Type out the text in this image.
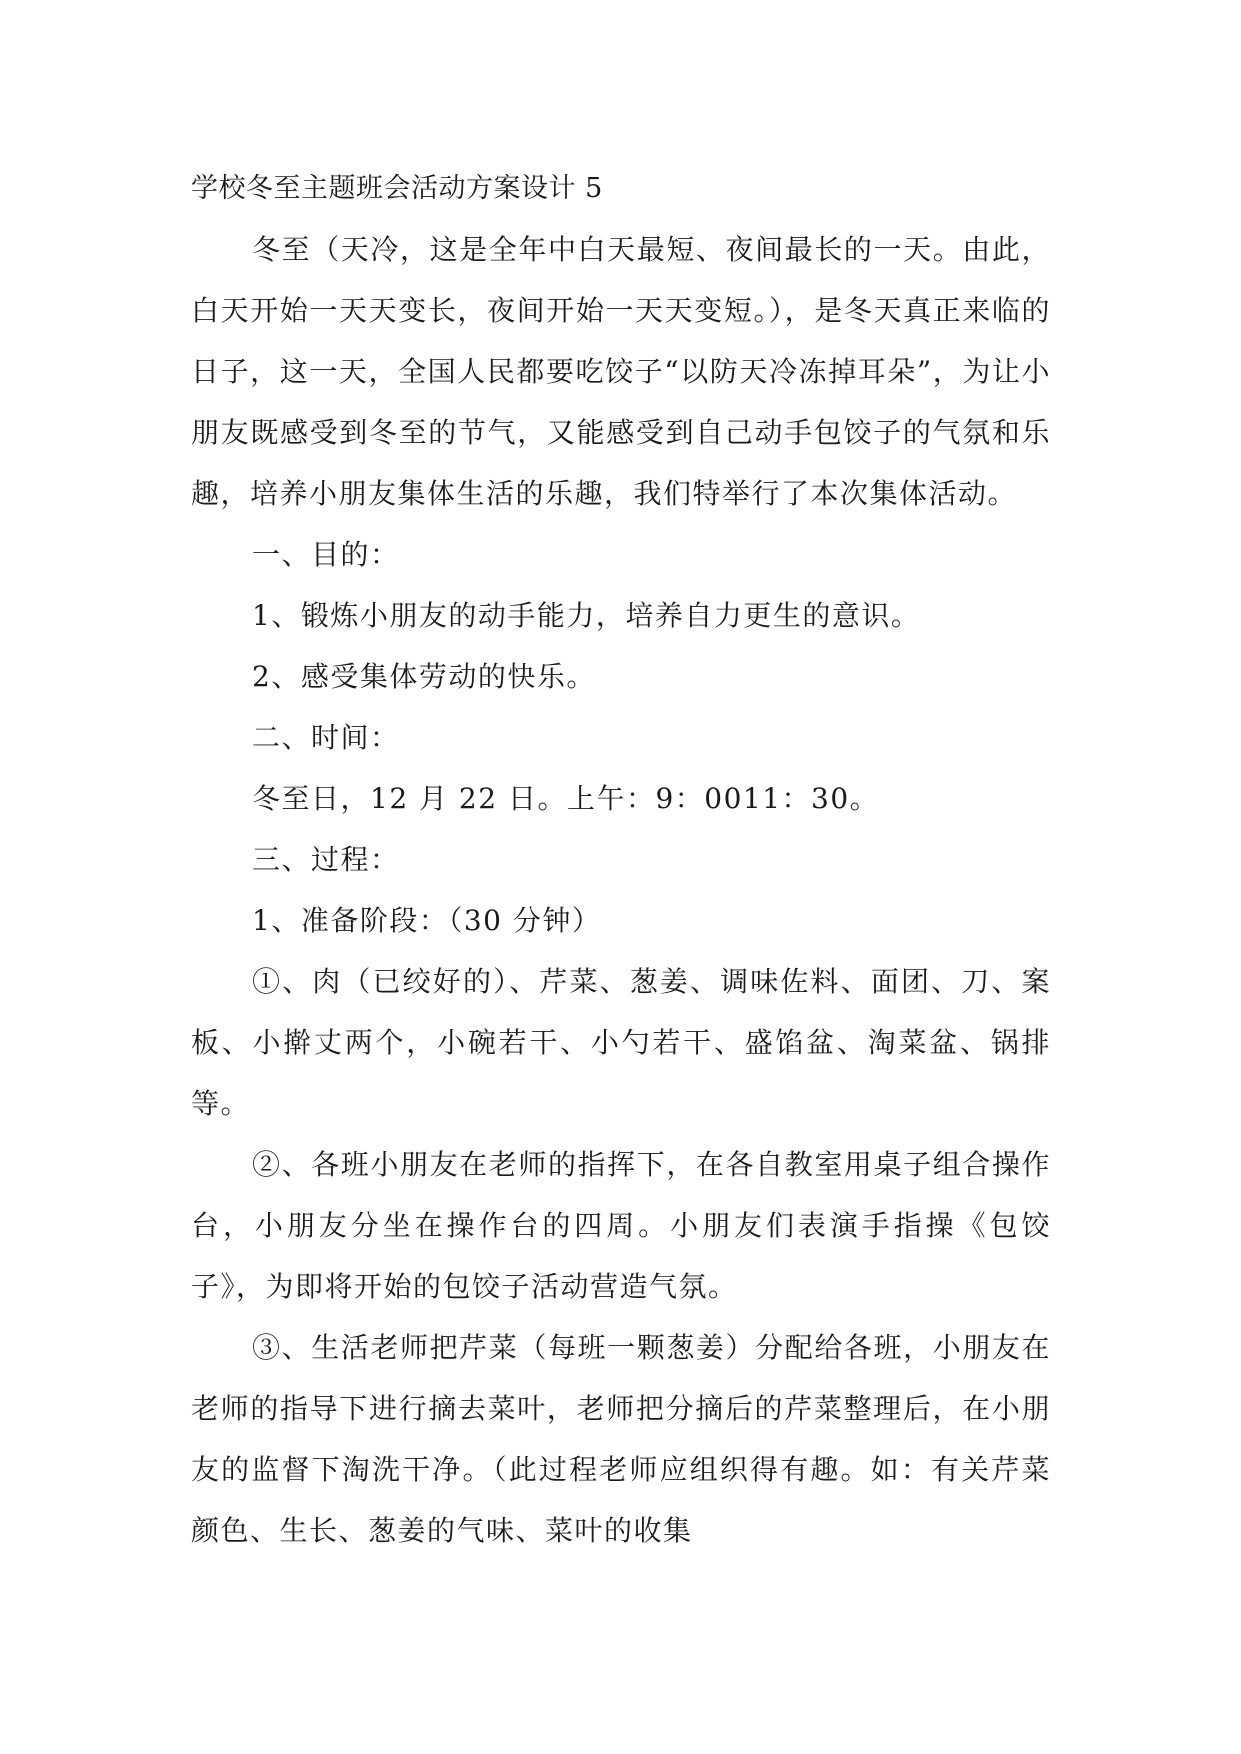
学校冬至主题班会活动方案设计 5

冬至（天冷，这是全年中白天最短、夜间最长的一天。由此，白天开始一天天变长，夜间开始一天天变短。），是冬天真正来临的日子，这一天，全国人民都要吃饺子“以防天冷冻掉耳朵”，为让小朋友既感受到冬至的节气，又能感受到自己动手包饺子的气氛和乐趣，培养小朋友集体生活的乐趣，我们特举行了本次集体活动。

一、目的：

1、锻炼小朋友的动手能力，培养自力更生的意识。

2、感受集体劳动的快乐。

二、时间：

冬至日，12 月 22 日。上午：9：0011：30。

三、过程：

1、准备阶段：（30 分钟）

①、肉（已绞好的）、芹菜、葱姜、调味佐料、面团、刀、案板、小擀丈两个，小碗若干、小勺若干、盛馅盆、淘菜盆、锅排等。

②、各班小朋友在老师的指挥下，在各自教室用桌子组合操作台，小朋友分坐在操作台的四周。小朋友们表演手指操《包饺子》，为即将开始的包饺子活动营造气氛。

③、生活老师把芹菜（每班一颗葱姜）分配给各班，小朋友在老师的指导下进行摘去菜叶，老师把分摘后的芹菜整理后，在小朋友的监督下淘洗干净。（此过程老师应组织得有趣。如：有关芹菜颜色、生长、葱姜的气味、菜叶的收集
